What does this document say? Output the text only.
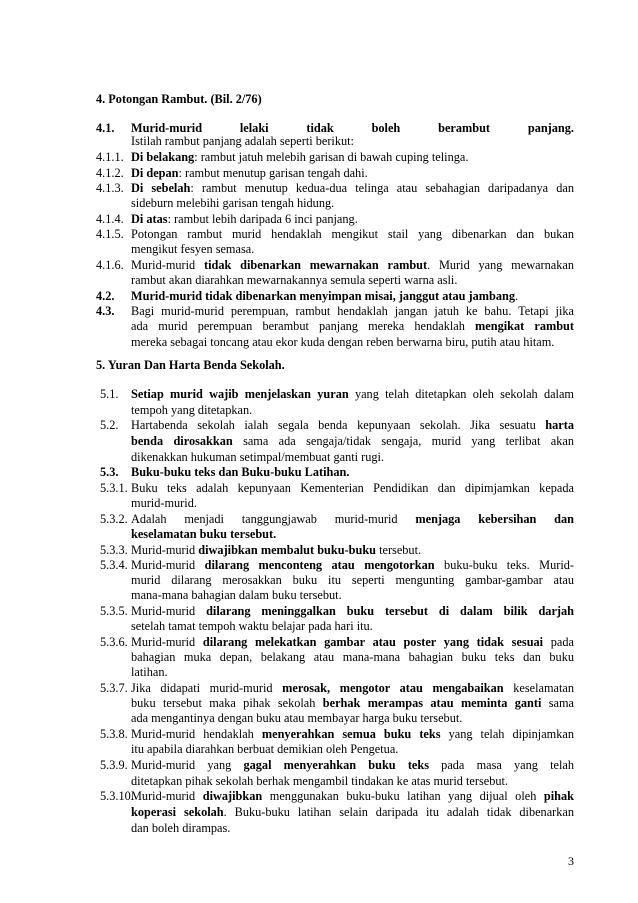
4. Potongan Rambut. (Bil. 2/76)
4.1. Murid-murid lelaki tidak boleh berambut panjang.
Istilah rambut panjang adalah seperti berikut:
4.1.1. Di belakang: rambut jatuh melebih garisan di bawah cuping telinga.
4.1.2. Di depan: rambut menutup garisan tengah dahi.
4.1.3. Di sebelah: rambut menutup kedua-dua telinga atau sebahagian daripadanya dan
sideburn melebihi garisan tengah hidung.
4.1.4. Di atas: rambut lebih daripada 6 inci panjang.
4.1.5. Potongan rambut murid hendaklah mengikut stail yang dibenarkan dan bukan
mengikut fesyen semasa.
4.1.6. Murid-murid tidak dibenarkan mewarnakan rambut. Murid yang mewarnakan
rambut akan diarahkan mewarnakannya semula seperti warna asli.
4.2. Murid-murid tidak dibenarkan menyimpan misai, janggut atau jambang.
4.3. Bagi murid-murid perempuan, rambut hendaklah jangan jatuh ke bahu. Tetapi jika
ada murid perempuan berambut panjang mereka hendaklah mengikat rambut
mereka sebagai toncang atau ekor kuda dengan reben berwarna biru, putih atau hitam.
5. Yuran Dan Harta Benda Sekolah.
5.1. Setiap murid wajib menjelaskan yuran yang telah ditetapkan oleh sekolah dalam
tempoh yang ditetapkan.
5.2. Hartabenda sekolah ialah segala benda kepunyaan sekolah. Jika sesuatu harta
benda dirosakkan sama ada sengaja/tidak sengaja, murid yang terlibat akan
dikenakkan hukuman setimpal/membuat ganti rugi.
5.3. Buku-buku teks dan Buku-buku Latihan.
5.3.1. Buku teks adalah kepunyaan Kementerian Pendidikan dan dipimjamkan kepada
murid-murid.
5.3.2. Adalah menjadi tanggungjawab murid-murid menjaga kebersihan dan
keselamatan buku tersebut.
5.3.3. Murid-murid diwajibkan membalut buku-buku tersebut.
5.3.4. Murid-murid dilarang menconteng atau mengotorkan buku-buku teks. Murid-
murid dilarang merosakkan buku itu seperti mengunting gambar-gambar atau
mana-mana bahagian dalam buku tersebut.
5.3.5. Murid-murid dilarang meninggalkan buku tersebut di dalam bilik darjah
setelah tamat tempoh waktu belajar pada hari itu.
5.3.6. Murid-murid dilarang melekatkan gambar atau poster yang tidak sesuai pada
bahagian muka depan, belakang atau mana-mana bahagian buku teks dan buku
latihan.
5.3.7. Jika didapati murid-murid merosak, mengotor atau mengabaikan keselamatan
buku tersebut maka pihak sekolah berhak merampas atau meminta ganti sama
ada mengantinya dengan buku atau membayar harga buku tersebut.
5.3.8. Murid-murid hendaklah menyerahkan semua buku teks yang telah dipinjamkan
itu apabila diarahkan berbuat demikian oleh Pengetua.
5.3.9. Murid-murid yang gagal menyerahkan buku teks pada masa yang telah
ditetapkan pihak sekolah berhak mengambil tindakan ke atas murid tersebut.
5.3.10.
Murid-murid diwajibkan menggunakan buku-buku latihan yang dijual oleh pihak
koperasi sekolah. Buku-buku latihan selain daripada itu adalah tidak dibenarkan
dan boleh dirampas.
3
